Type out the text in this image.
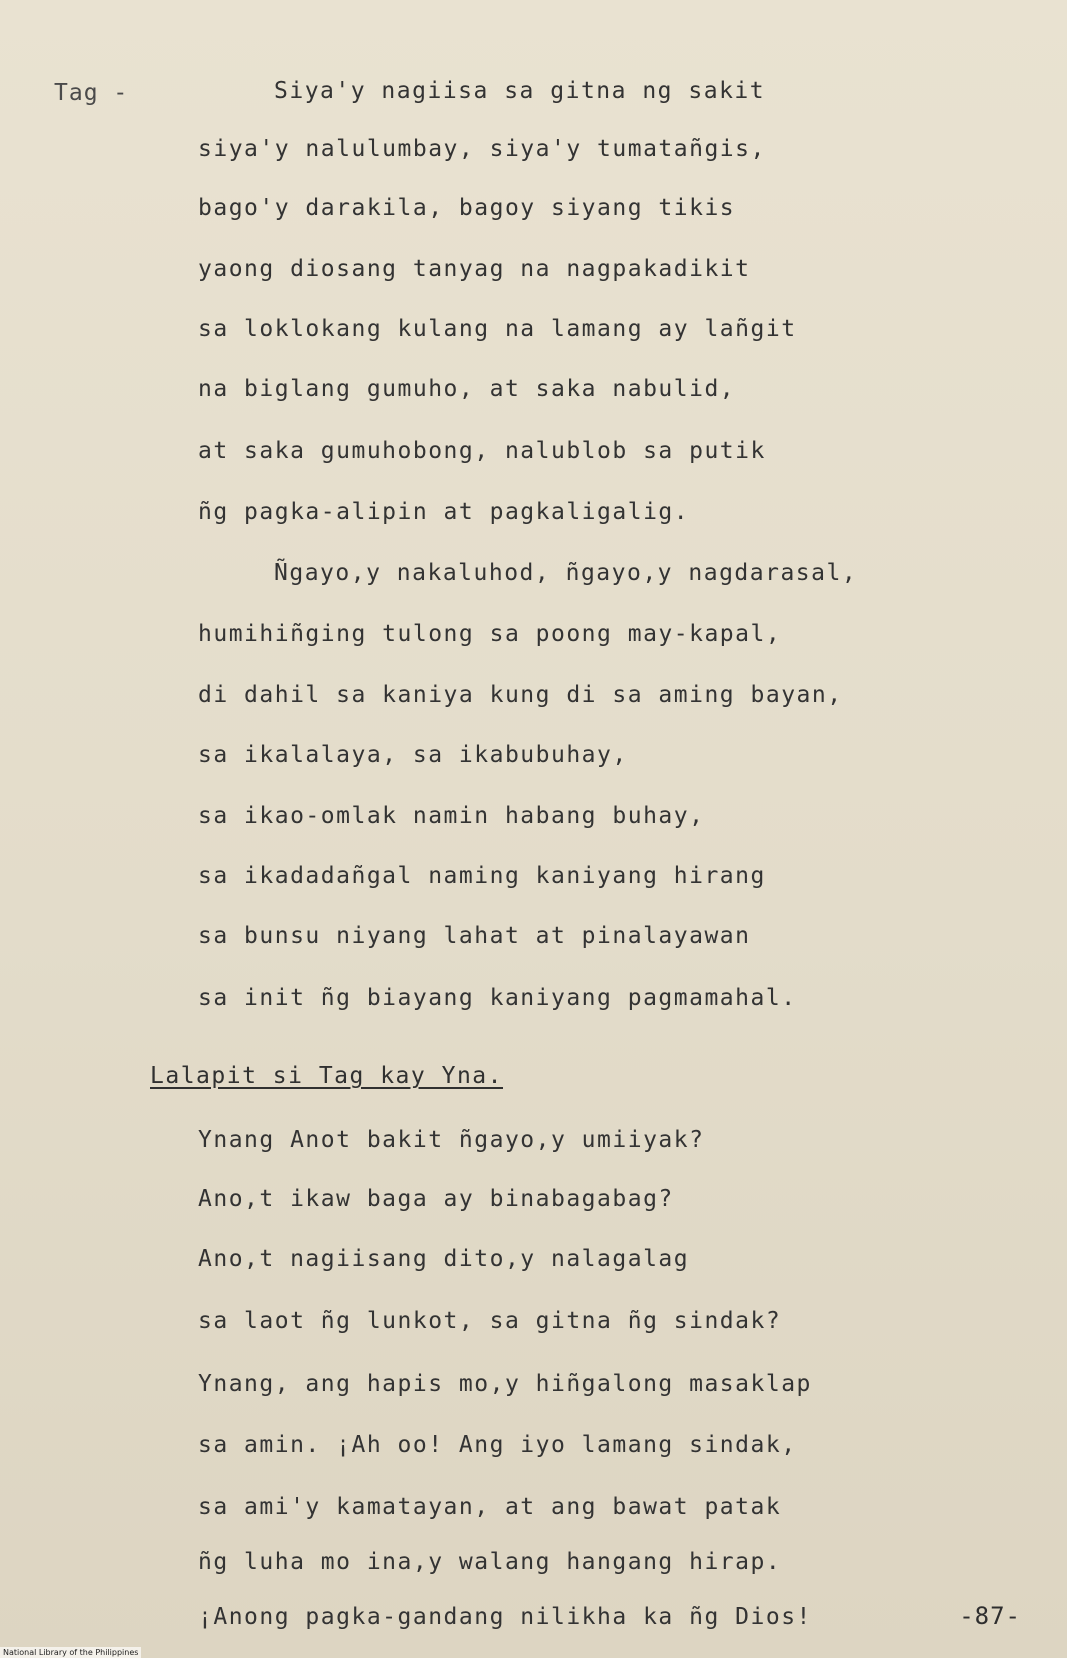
Tag -	Siya'y nagiisa sa gitna ng sakit
siya'y nalulumbay, siya'y tumatañgis,
bago'y darakila, bagoy siyang tikis
yaong diosang tanyag na nagpakadikit
sa loklokang kulang na lamang ay lañgit
na biglang gumuho, at saka nabulid,
at saka gumuhobong, nalublob sa putik
ñg pagka-alipin at pagkaligalig.
Ñgayo,y nakaluhod, ñgayo,y nagdarasal,
humihiñging tulong sa poong may-kapal,
di dahil sa kaniya kung di sa aming bayan,
sa ikalalaya, sa ikabubuhay,
sa ikao-omlak namin habang buhay,
sa ikadadañgal naming kaniyang hirang
sa bunsu niyang lahat at pinalayawan
sa init ñg biayang kaniyang pagmamahal.
Lalapit si Tag kay Yna.
Ynang Anot bakit ñgayo,y umiiyak?
Ano,t ikaw baga ay binabagabag?
Ano,t nagiisang dito,y nalagalag
sa laot ñg lunkot, sa gitna ñg sindak?
Ynang, ang hapis mo,y hiñgalong masaklap
sa amin. ¡Ah oo! Ang iyo lamang sindak,
sa ami'y kamatayan, at ang bawat patak
ñg luha mo ina,y walang hangang hirap.
¡Anong pagka-gandang nilikha ka ñg Dios!	-87-
National Library of the Philippines
